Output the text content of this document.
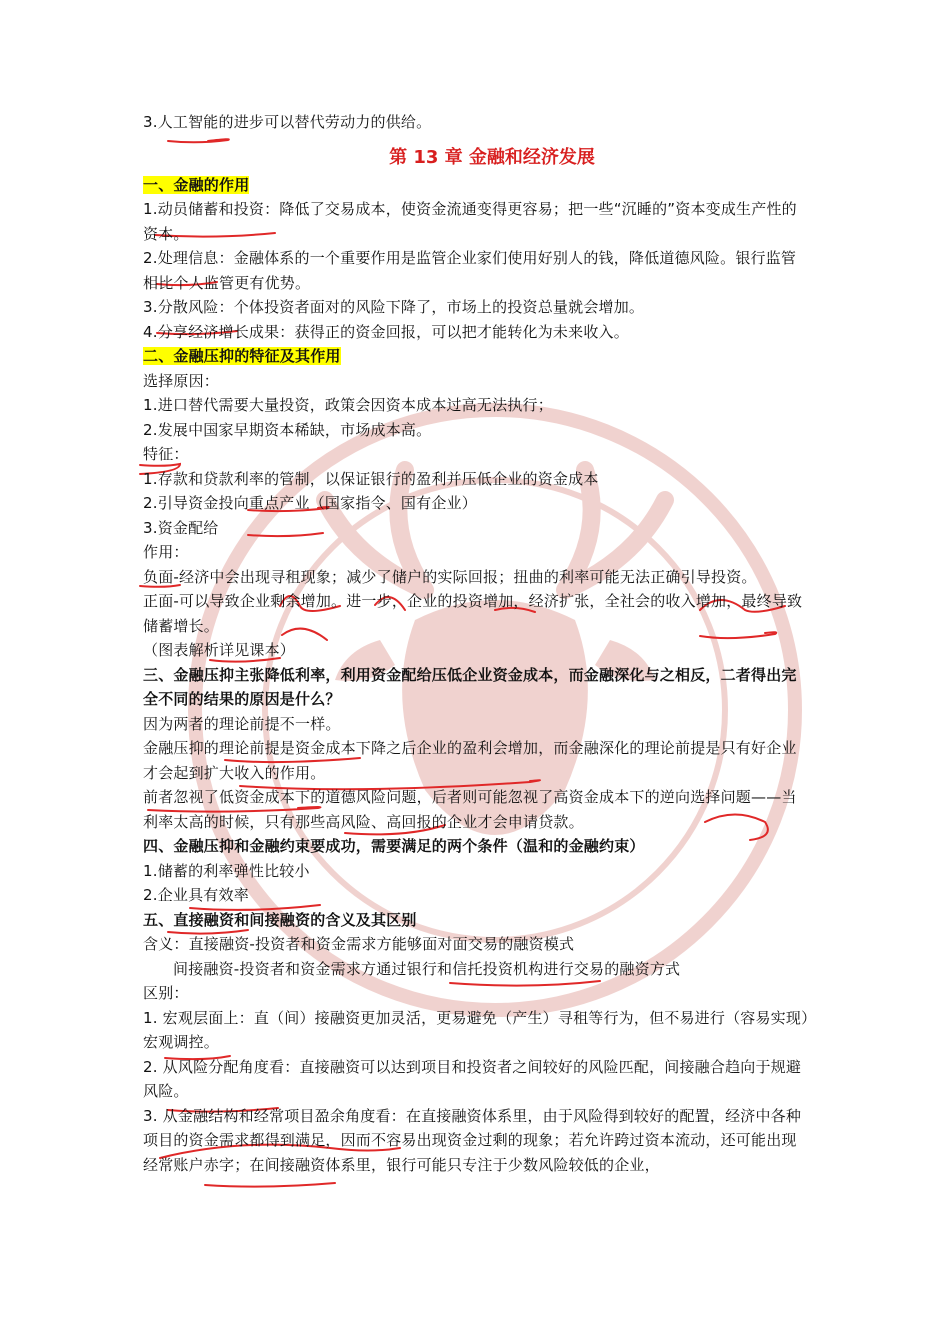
3.人工智能的进步可以替代劳动力的供给。
第 13 章 金融和经济发展
一、金融的作用
1.动员储蓄和投资：降低了交易成本，使资金流通变得更容易；把一些“沉睡的”资本变成生产性的资本。
2.处理信息：金融体系的一个重要作用是监管企业家们使用好别人的钱，降低道德风险。银行监管相比个人监管更有优势。
3.分散风险：个体投资者面对的风险下降了，市场上的投资总量就会增加。
4.分享经济增长成果：获得正的资金回报，可以把才能转化为未来收入。
二、金融压抑的特征及其作用
选择原因：
1.进口替代需要大量投资，政策会因资本成本过高无法执行；
2.发展中国家早期资本稀缺，市场成本高。
特征：
1.存款和贷款利率的管制，以保证银行的盈利并压低企业的资金成本
2.引导资金投向重点产业（国家指令、国有企业）
3.资金配给
作用：
负面-经济中会出现寻租现象；减少了储户的实际回报；扭曲的利率可能无法正确引导投资。
正面-可以导致企业剩余增加。进一步，企业的投资增加，经济扩张，全社会的收入增加，最终导致储蓄增长。
（图表解析详见课本）
三、金融压抑主张降低利率，利用资金配给压低企业资金成本，而金融深化与之相反，二者得出完全不同的结果的原因是什么？
因为两者的理论前提不一样。
金融压抑的理论前提是资金成本下降之后企业的盈利会增加，而金融深化的理论前提是只有好企业才会起到扩大收入的作用。
前者忽视了低资金成本下的道德风险问题，后者则可能忽视了高资金成本下的逆向选择问题——当利率太高的时候，只有那些高风险、高回报的企业才会申请贷款。
四、金融压抑和金融约束要成功，需要满足的两个条件（温和的金融约束）
1.储蓄的利率弹性比较小
2.企业具有效率
五、直接融资和间接融资的含义及其区别
含义：直接融资-投资者和资金需求方能够面对面交易的融资模式
间接融资-投资者和资金需求方通过银行和信托投资机构进行交易的融资方式
区别：
1. 宏观层面上：直（间）接融资更加灵活，更易避免（产生）寻租等行为，但不易进行（容易实现）宏观调控。
2. 从风险分配角度看：直接融资可以达到项目和投资者之间较好的风险匹配，间接融合趋向于规避风险。
3. 从金融结构和经常项目盈余角度看：在直接融资体系里，由于风险得到较好的配置，经济中各种项目的资金需求都得到满足，因而不容易出现资金过剩的现象；若允许跨过资本流动，还可能出现经常账户赤字；在间接融资体系里，银行可能只专注于少数风险较低的企业，
